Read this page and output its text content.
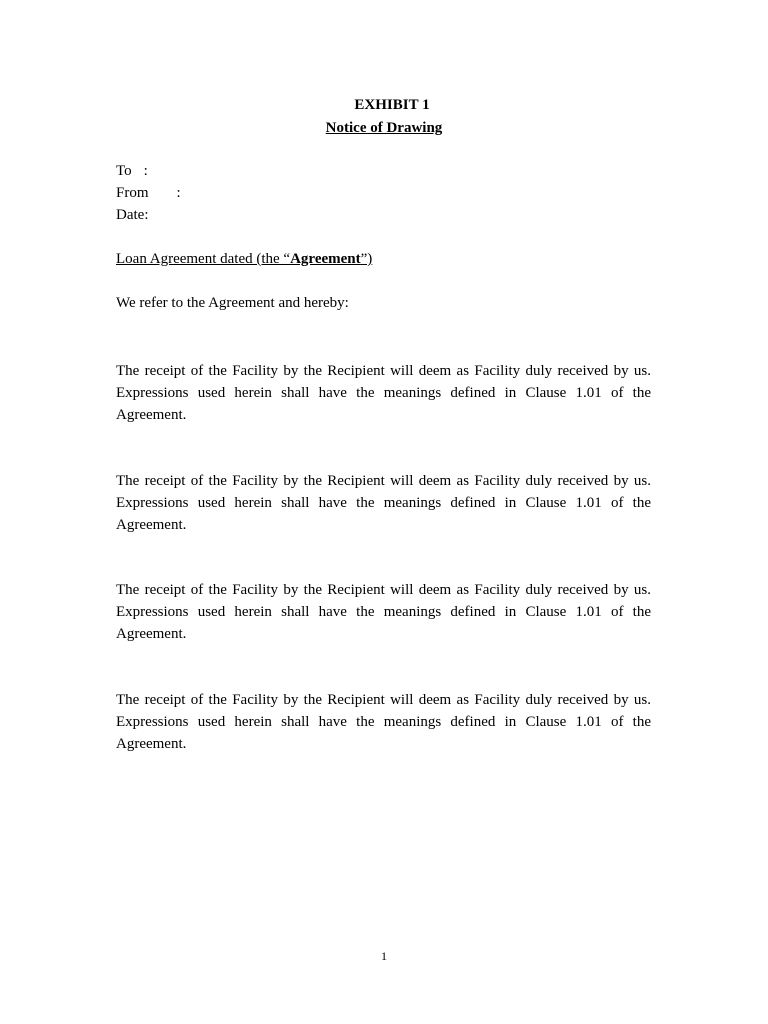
EXHIBIT 1
Notice of Drawing
To :
From :
Date:
Loan Agreement dated (the “Agreement”)
We refer to the Agreement and hereby:
The receipt of the Facility by the Recipient will deem as Facility duly received by us. Expressions used herein shall have the meanings defined in Clause 1.01 of the Agreement.
The receipt of the Facility by the Recipient will deem as Facility duly received by us. Expressions used herein shall have the meanings defined in Clause 1.01 of the Agreement.
The receipt of the Facility by the Recipient will deem as Facility duly received by us. Expressions used herein shall have the meanings defined in Clause 1.01 of the Agreement.
The receipt of the Facility by the Recipient will deem as Facility duly received by us. Expressions used herein shall have the meanings defined in Clause 1.01 of the Agreement.
1
